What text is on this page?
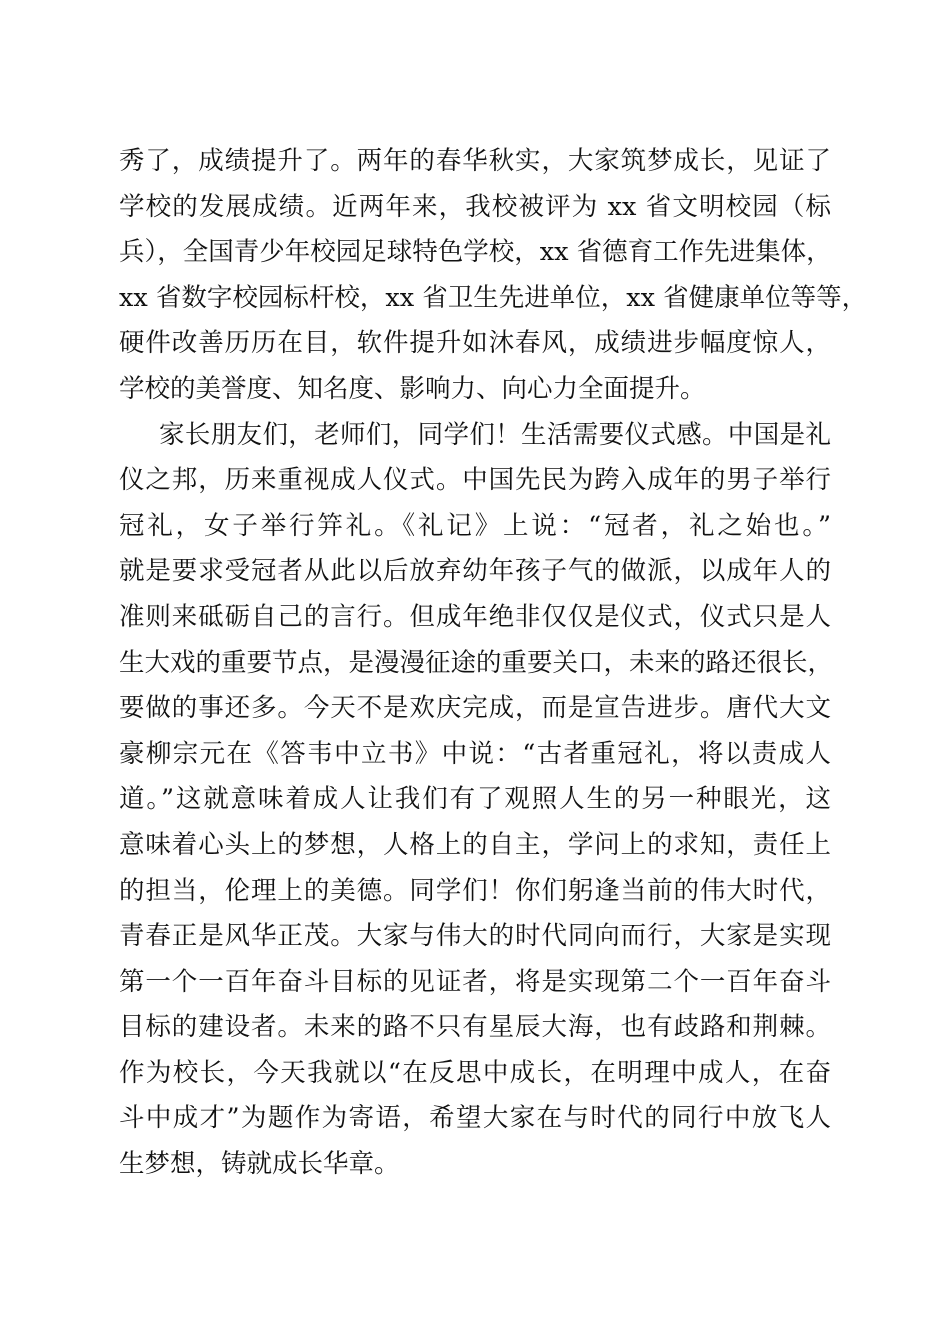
秀了，成绩提升了。两年的春华秋实，大家筑梦成长，见证了
学校的发展成绩。近两年来，我校被评为 xx 省文明校园（标
兵），全国青少年校园足球特色学校，xx 省德育工作先进集体，
xx 省数字校园标杆校，xx 省卫生先进单位，xx 省健康单位等等，
硬件改善历历在目，软件提升如沐春风，成绩进步幅度惊人，
学校的美誉度、知名度、影响力、向心力全面提升。
家长朋友们，老师们，同学们！生活需要仪式感。中国是礼
仪之邦，历来重视成人仪式。中国先民为跨入成年的男子举行
冠礼，女子举行笄礼。《礼记》上说：“冠者，礼之始也。”
就是要求受冠者从此以后放弃幼年孩子气的做派，以成年人的
准则来砥砺自己的言行。但成年绝非仅仅是仪式，仪式只是人
生大戏的重要节点，是漫漫征途的重要关口，未来的路还很长，
要做的事还多。今天不是欢庆完成，而是宣告进步。唐代大文
豪柳宗元在《答韦中立书》中说：“古者重冠礼，将以责成人
道。”这就意味着成人让我们有了观照人生的另一种眼光，这
意味着心头上的梦想，人格上的自主，学问上的求知，责任上
的担当，伦理上的美德。同学们！你们躬逢当前的伟大时代，
青春正是风华正茂。大家与伟大的时代同向而行，大家是实现
第一个一百年奋斗目标的见证者，将是实现第二个一百年奋斗
目标的建设者。未来的路不只有星辰大海，也有歧路和荆棘。
作为校长，今天我就以“在反思中成长，在明理中成人，在奋
斗中成才”为题作为寄语，希望大家在与时代的同行中放飞人
生梦想，铸就成长华章。
